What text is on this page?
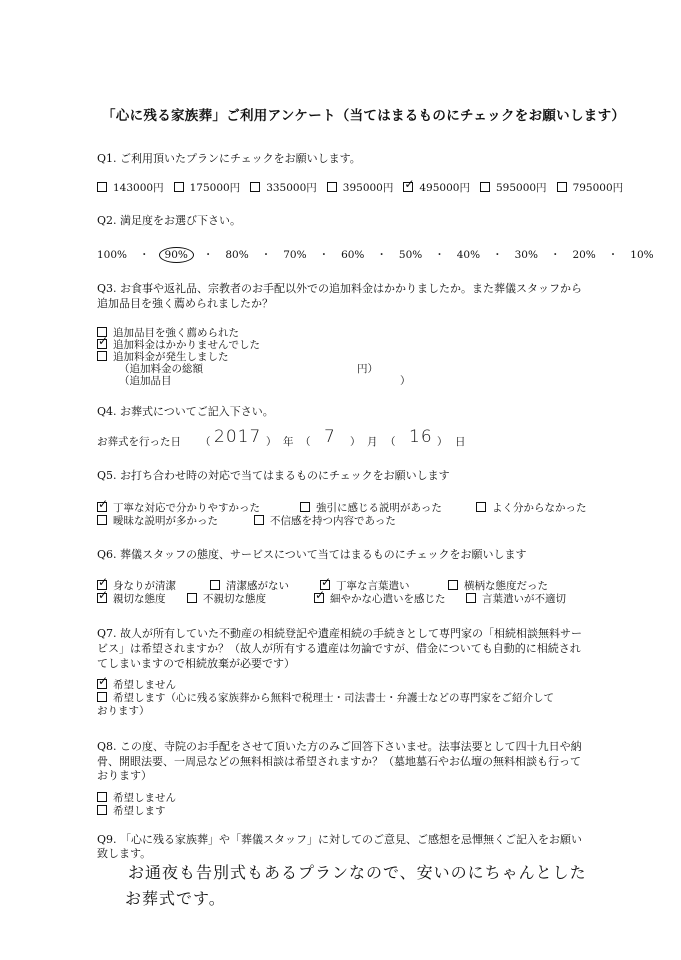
「心に残る家族葬」ご利用アンケート（当てはまるものにチェックをお願いします）
Q1. ご利用頂いたプランにチェックをお願いします。
143000円 175000円 335000円 395000円 ✓ 495000円 595000円 795000円
Q2. 満足度をお選び下さい。
100% ・	90%	・ 80% ・ 70% ・ 60% ・ 50% ・ 40% ・ 30% ・ 20% ・ 10%
Q3. お食事や返礼品、宗教者のお手配以外での追加料金はかかりましたか。また葬儀スタッフから
追加品目を強く薦められましたか？
追加品目を強く薦められた
✓追加料金はかかりませんでした
追加料金が発生しました
（追加料金の総額	円）
（追加品目	）
Q4. お葬式についてご記入下さい。
お葬式を行った日 （ 2017 ） 年 （ 7 ） 月 （ 16 ） 日
Q5. お打ち合わせ時の対応で当てはまるものにチェックをお願いします
✓丁寧な対応で分かりやすかった	強引に感じる説明があった	よく分からなかった
曖昧な説明が多かった	不信感を持つ内容であった
Q6. 葬儀スタッフの態度、サービスについて当てはまるものにチェックをお願いします
✓身なりが清潔	清潔感がない ✓	丁寧な言葉遣い	横柄な態度だった
✓親切な態度	不親切な態度 ✓	細やかな心遣いを感じた	言葉遣いが不適切
Q7. 故人が所有していた不動産の相続登記や遺産相続の手続きとして専門家の「相続相談無料サー
ビス」は希望されますか？（故人が所有する遺産は勿論ですが、借金についても自動的に相続され
てしまいますので相続放棄が必要です）
✓希望しません
希望します（心に残る家族葬から無料で税理士・司法書士・弁護士などの専門家をご紹介して
おります）
Q8. この度、寺院のお手配をさせて頂いた方のみご回答下さいませ。法事法要として四十九日や納
骨、開眼法要、一周忌などの無料相談は希望されますか？（墓地墓石やお仏壇の無料相談も行って
おります）
希望しません
希望します
Q9. 「心に残る家族葬」や「葬儀スタッフ」に対してのご意見、ご感想を忌憚無くご記入をお願い
致します。
お通夜も告別式もあるプランなので、安いのにちゃんとした
お葬式です。
